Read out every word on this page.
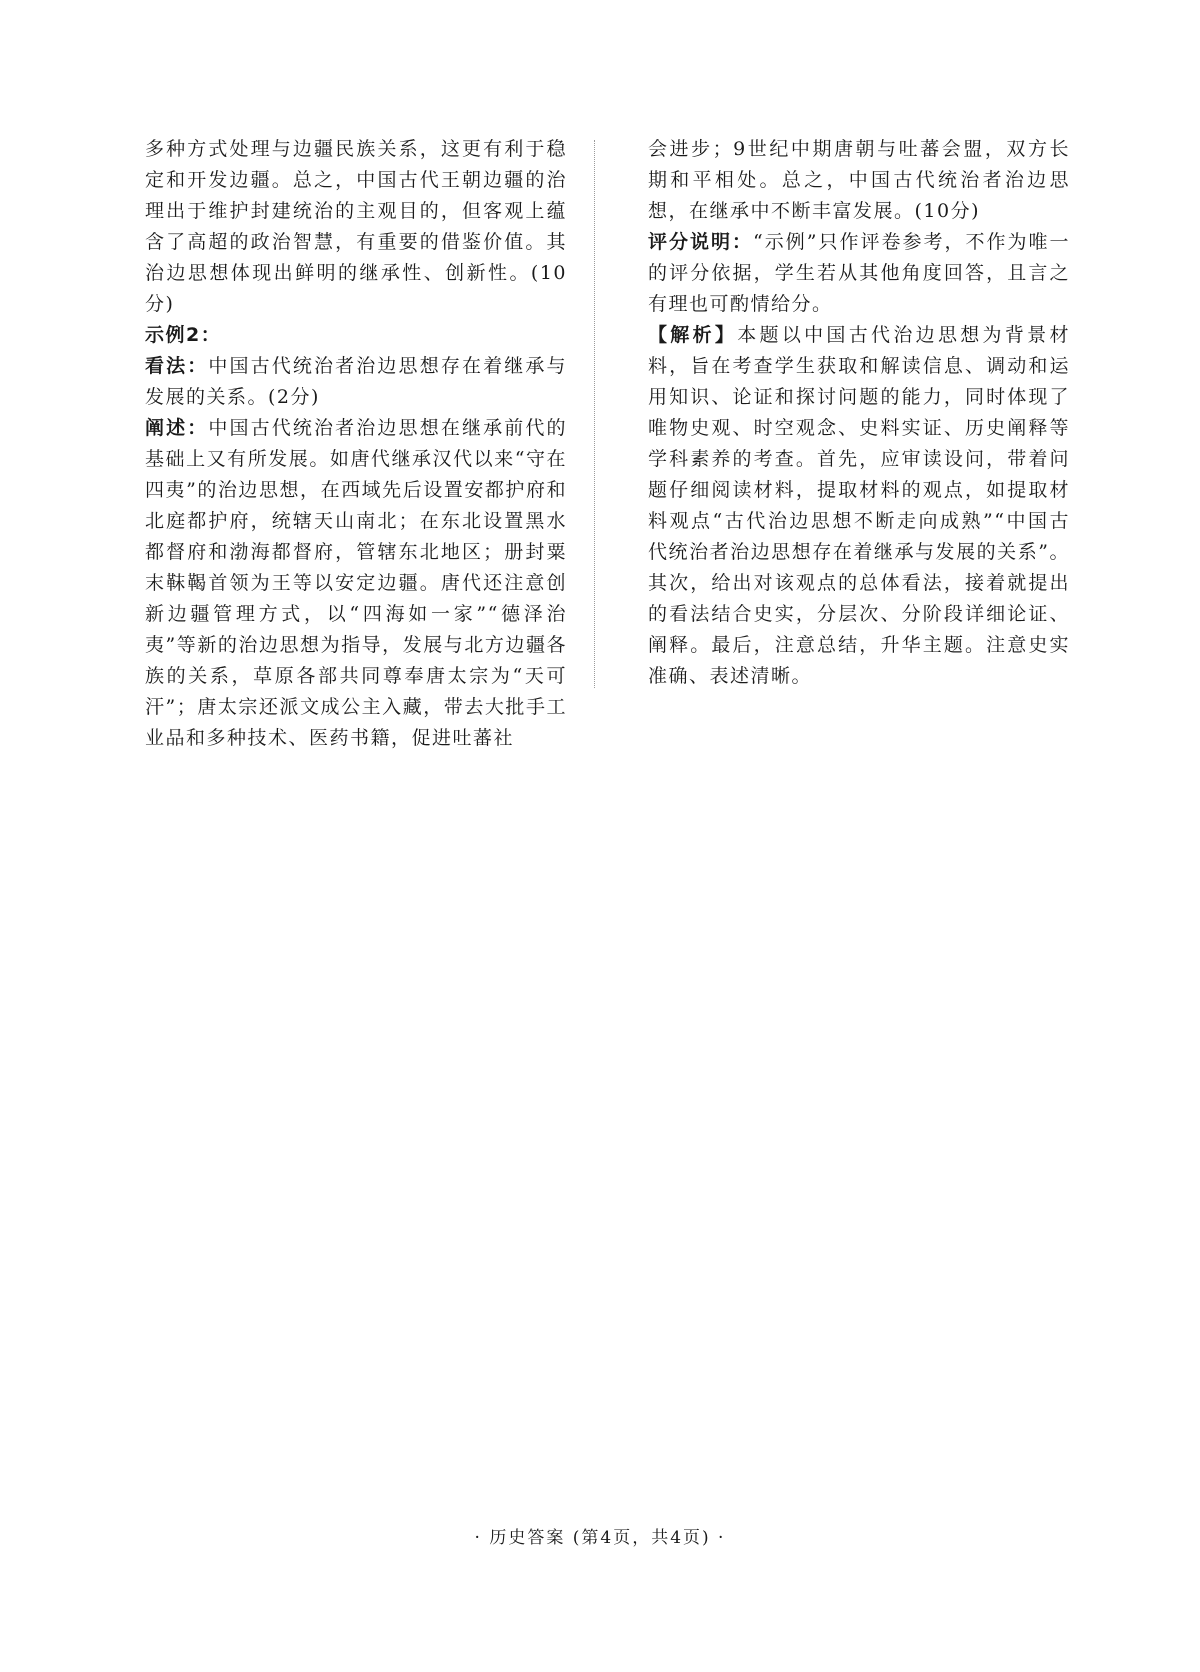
多种方式处理与边疆民族关系，这更有利于稳定和开发边疆。总之，中国古代王朝边疆的治理出于维护封建统治的主观目的，但客观上蕴含了高超的政治智慧，有重要的借鉴价值。其治边思想体现出鲜明的继承性、创新性。(10分)

示例2：

看法：中国古代统治者治边思想存在着继承与发展的关系。(2分)

阐述：中国古代统治者治边思想在继承前代的基础上又有所发展。如唐代继承汉代以来“守在四夷”的治边思想，在西域先后设置安都护府和北庭都护府，统辖天山南北；在东北设置黑水都督府和渤海都督府，管辖东北地区；册封粟末靺鞨首领为王等以安定边疆。唐代还注意创新边疆管理方式，以“四海如一家”“德泽治夷”等新的治边思想为指导，发展与北方边疆各族的关系，草原各部共同尊奉唐太宗为“天可汗”；唐太宗还派文成公主入藏，带去大批手工业品和多种技术、医药书籍，促进吐蕃社

会进步；9世纪中期唐朝与吐蕃会盟，双方长期和平相处。总之，中国古代统治者治边思想，在继承中不断丰富发展。(10分)

评分说明：“示例”只作评卷参考，不作为唯一的评分依据，学生若从其他角度回答，且言之有理也可酌情给分。

【解析】本题以中国古代治边思想为背景材料，旨在考查学生获取和解读信息、调动和运用知识、论证和探讨问题的能力，同时体现了唯物史观、时空观念、史料实证、历史阐释等学科素养的考查。首先，应审读设问，带着问题仔细阅读材料，提取材料的观点，如提取材料观点“古代治边思想不断走向成熟”“中国古代统治者治边思想存在着继承与发展的关系”。其次，给出对该观点的总体看法，接着就提出的看法结合史实，分层次、分阶段详细论证、阐释。最后，注意总结，升华主题。注意史实准确、表述清晰。

· 历史答案 (第4页，共4页) ·
